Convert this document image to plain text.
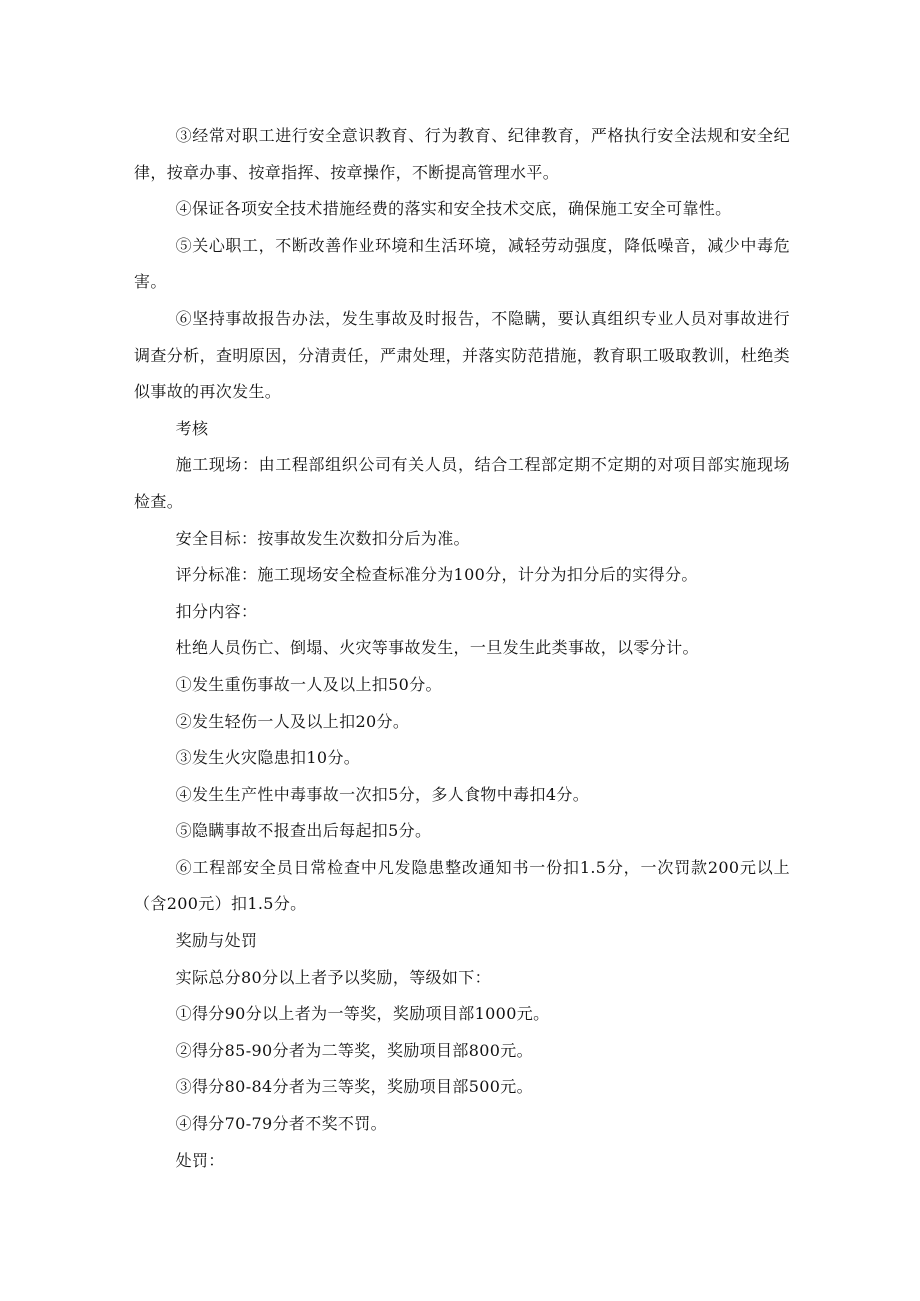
③经常对职工进行安全意识教育、行为教育、纪律教育，严格执行安全法规和安全纪律，按章办事、按章指挥、按章操作，不断提高管理水平。

④保证各项安全技术措施经费的落实和安全技术交底，确保施工安全可靠性。

⑤关心职工，不断改善作业环境和生活环境，减轻劳动强度，降低噪音，减少中毒危害。

⑥坚持事故报告办法，发生事故及时报告，不隐瞒，要认真组织专业人员对事故进行调查分析，查明原因，分清责任，严肃处理，并落实防范措施，教育职工吸取教训，杜绝类似事故的再次发生。

考核

施工现场：由工程部组织公司有关人员，结合工程部定期不定期的对项目部实施现场检查。

安全目标：按事故发生次数扣分后为准。

评分标准：施工现场安全检查标准分为100分，计分为扣分后的实得分。

扣分内容：

杜绝人员伤亡、倒塌、火灾等事故发生，一旦发生此类事故，以零分计。

①发生重伤事故一人及以上扣50分。

②发生轻伤一人及以上扣20分。

③发生火灾隐患扣10分。

④发生生产性中毒事故一次扣5分，多人食物中毒扣4分。

⑤隐瞒事故不报查出后每起扣5分。

⑥工程部安全员日常检查中凡发隐患整改通知书一份扣1.5分，一次罚款200元以上（含200元）扣1.5分。

奖励与处罚

实际总分80分以上者予以奖励，等级如下：

①得分90分以上者为一等奖，奖励项目部1000元。

②得分85-90分者为二等奖，奖励项目部800元。

③得分80-84分者为三等奖，奖励项目部500元。

④得分70-79分者不奖不罚。

处罚：
